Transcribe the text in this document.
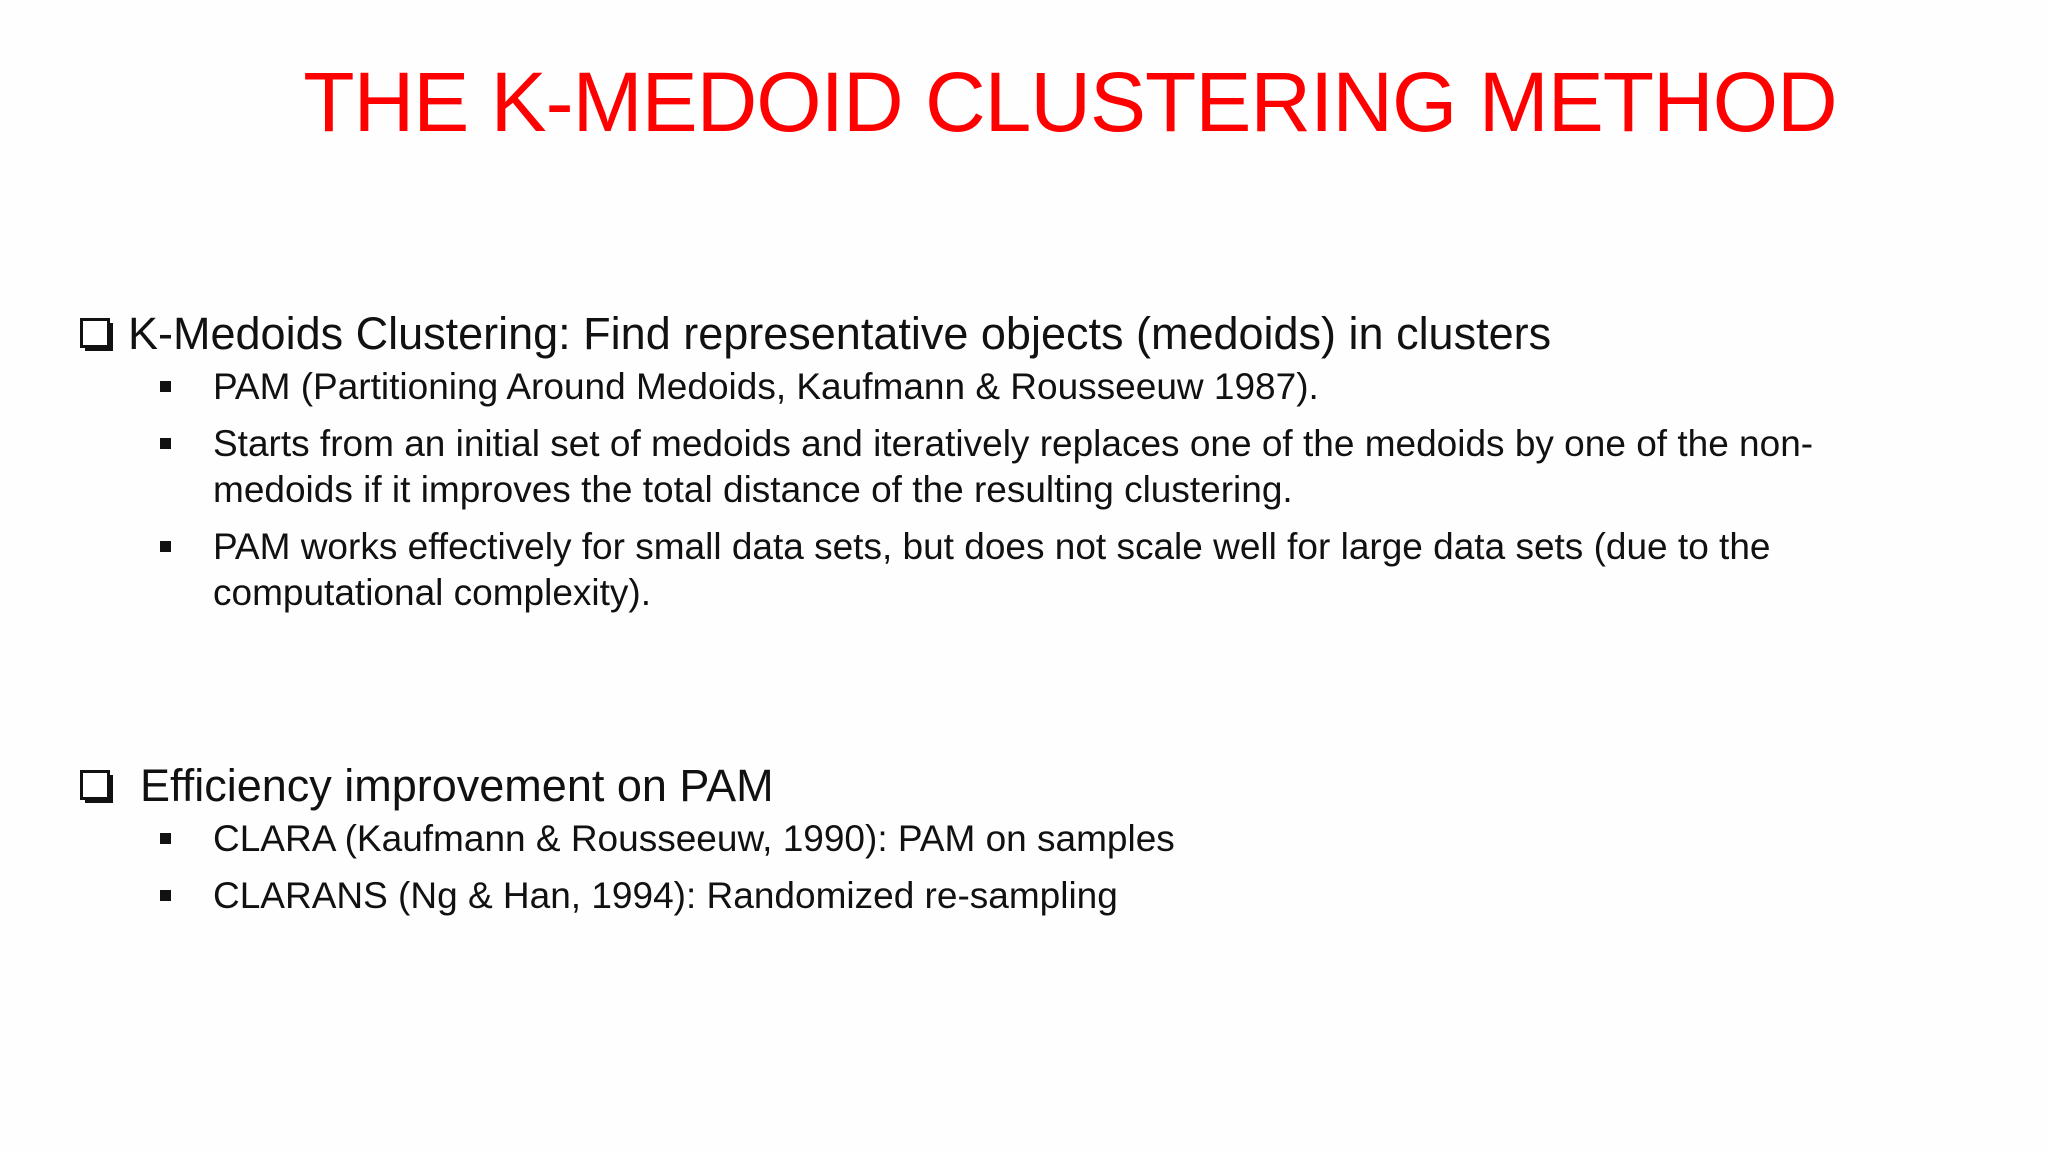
THE K-MEDOID CLUSTERING METHOD
K-Medoids Clustering: Find representative objects (medoids) in clusters
PAM (Partitioning Around Medoids, Kaufmann & Rousseeuw 1987).
Starts from an initial set of medoids and iteratively replaces one of the medoids by one of the non-medoids if it improves the total distance of the resulting clustering.
PAM works effectively for small data sets, but does not scale well for large data sets (due to the computational complexity).
Efficiency improvement on PAM
CLARA (Kaufmann & Rousseeuw, 1990): PAM on samples
CLARANS (Ng & Han, 1994): Randomized re-sampling
